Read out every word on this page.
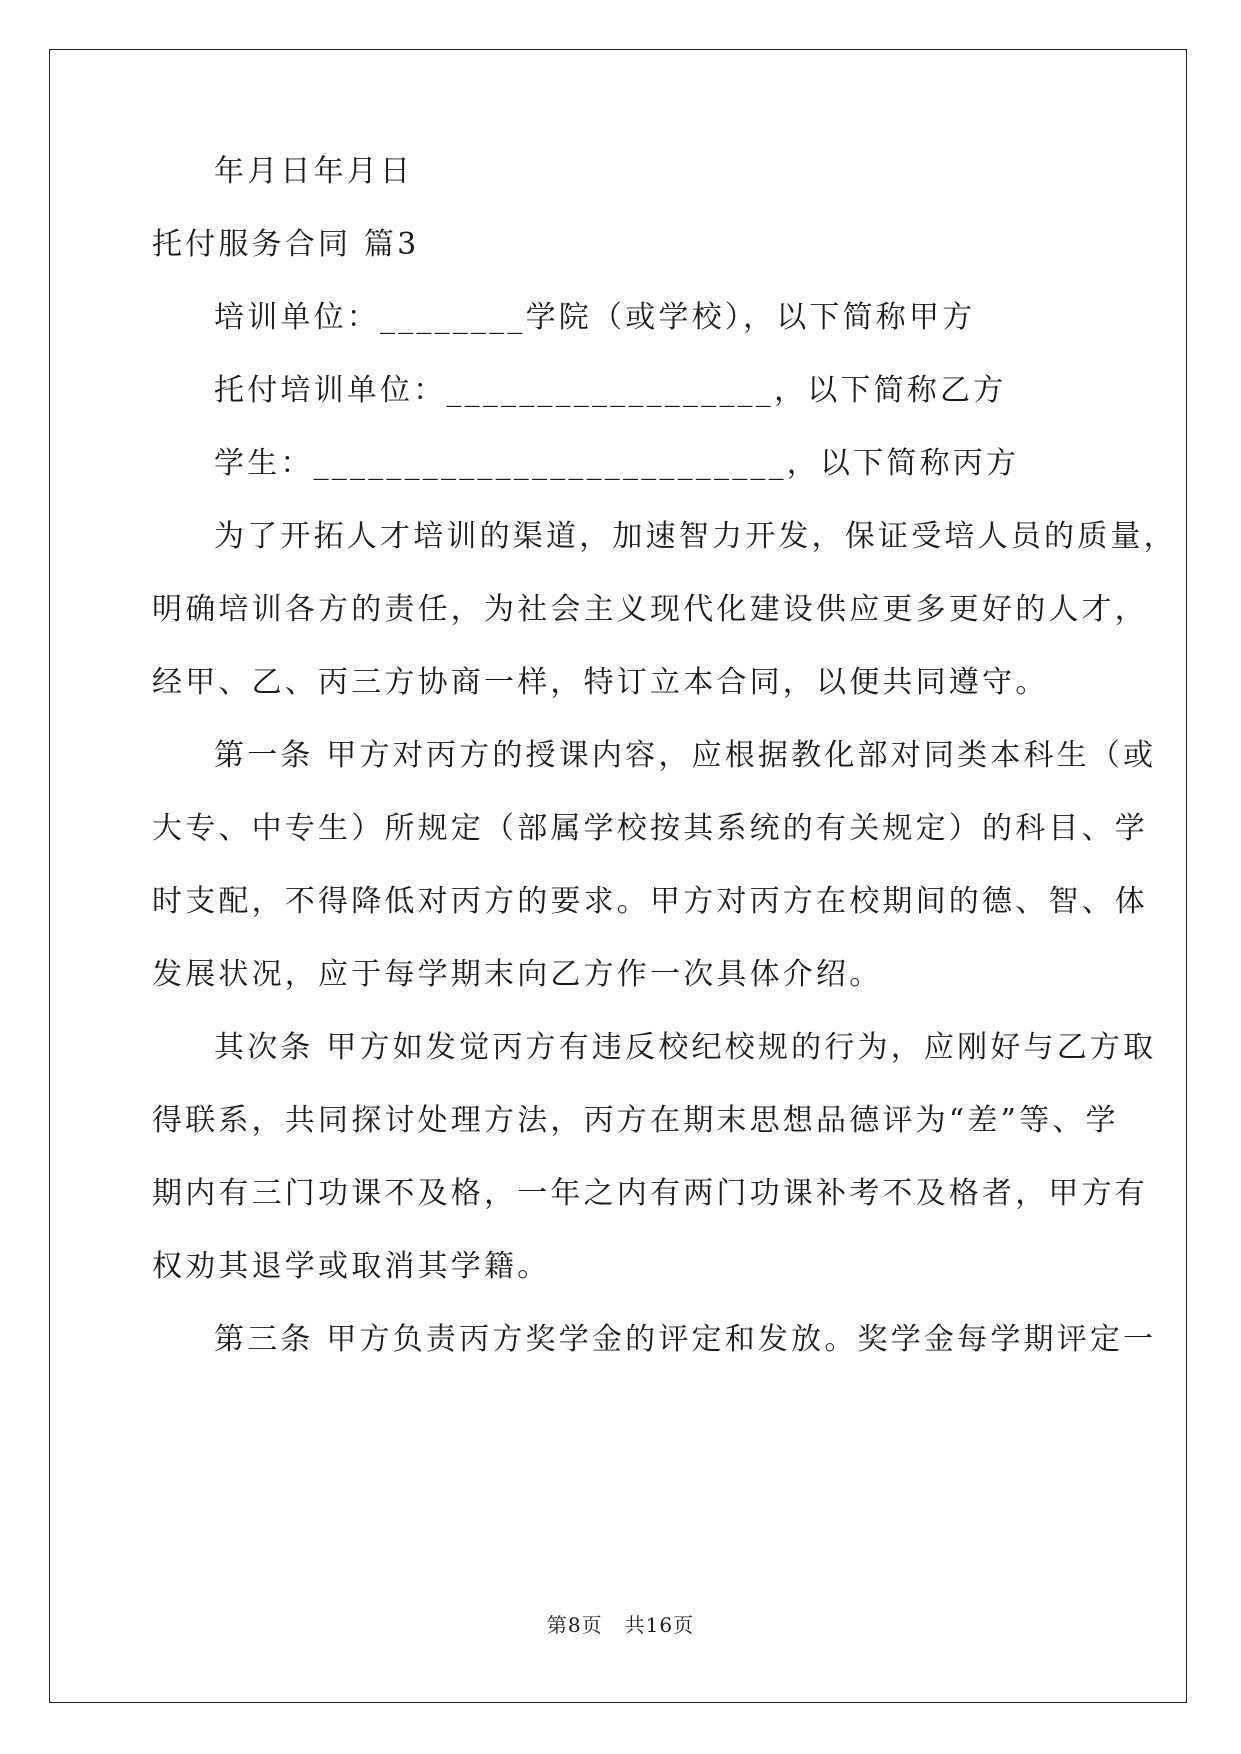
年月日年月日
托付服务合同 篇3
培训单位：________学院（或学校），以下简称甲方
托付培训单位：__________________，以下简称乙方
学生：__________________________，以下简称丙方
为了开拓人才培训的渠道，加速智力开发，保证受培人员的质量，
明确培训各方的责任，为社会主义现代化建设供应更多更好的人才，
经甲、乙、丙三方协商一样，特订立本合同，以便共同遵守。
第一条 甲方对丙方的授课内容，应根据教化部对同类本科生（或
大专、中专生）所规定（部属学校按其系统的有关规定）的科目、学
时支配，不得降低对丙方的要求。甲方对丙方在校期间的德、智、体
发展状况，应于每学期末向乙方作一次具体介绍。
其次条 甲方如发觉丙方有违反校纪校规的行为，应刚好与乙方取
得联系，共同探讨处理方法，丙方在期末思想品德评为“差”等、学
期内有三门功课不及格，一年之内有两门功课补考不及格者，甲方有
权劝其退学或取消其学籍。
第三条 甲方负责丙方奖学金的评定和发放。奖学金每学期评定一
第8页 共16页
